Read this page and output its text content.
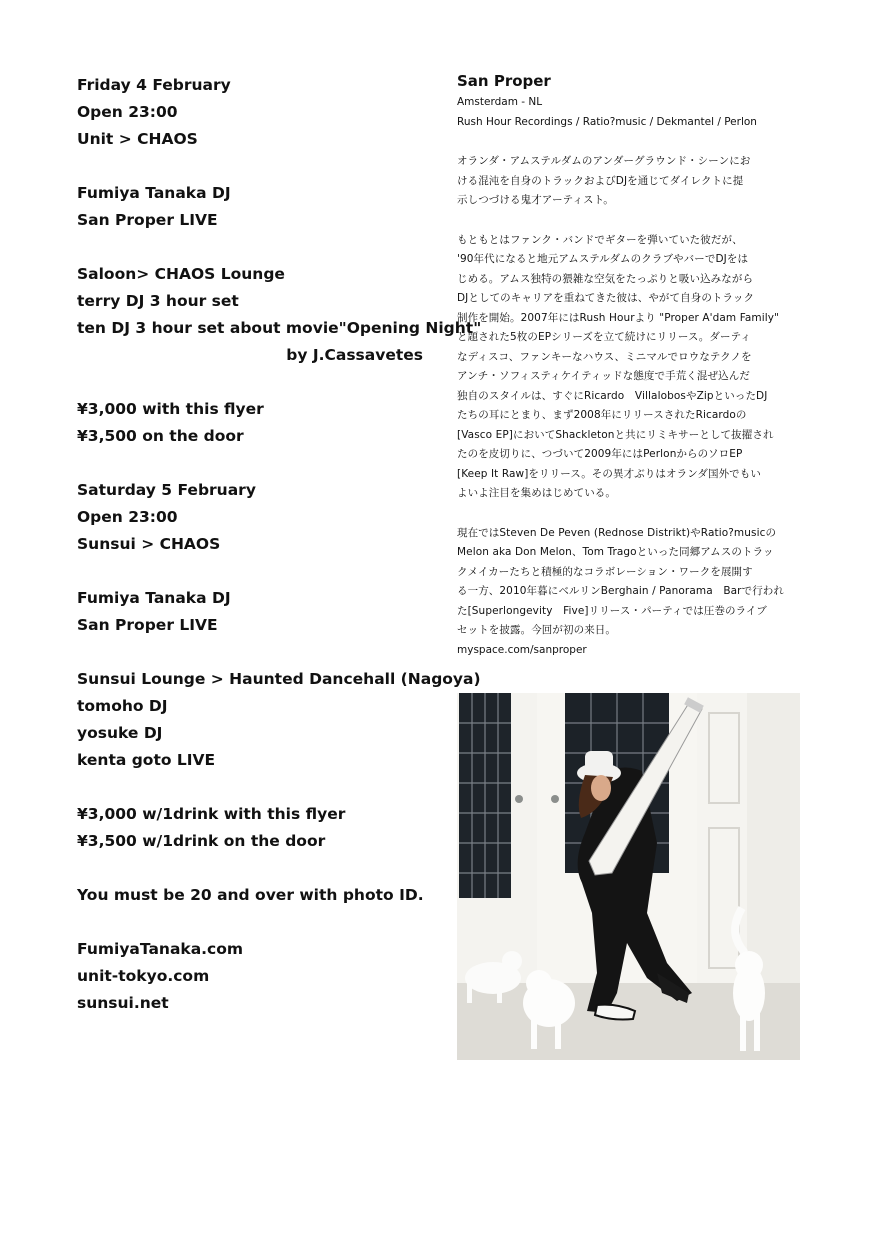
Friday 4 February
Open 23:00
Unit > CHAOS
Fumiya Tanaka DJ
San Proper LIVE
Saloon> CHAOS Lounge
terry DJ 3 hour set
ten DJ 3 hour set about movie"Opening Night"
by J.Cassavetes
¥3,000 with this flyer
¥3,500 on the door
Saturday 5 February
Open 23:00
Sunsui > CHAOS
Fumiya Tanaka DJ
San Proper LIVE
Sunsui Lounge > Haunted Dancehall (Nagoya)
tomoho DJ
yosuke DJ
kenta goto LIVE
¥3,000 w/1drink with this flyer
¥3,500 w/1drink on the door
You must be 20 and over with photo ID.
FumiyaTanaka.com
unit-tokyo.com
sunsui.net
San Proper
Amsterdam - NL
Rush Hour Recordings / Ratio?music / Dekmantel / Perlon
オランダ・アムステルダムのアンダーグラウンド・シーンにお
ける混沌を自身のトラックおよびDJを通じてダイレクトに提
示しつづける鬼才アーティスト。
もともとはファンク・バンドでギターを弾いていた彼だが、
'90年代になると地元アムステルダムのクラブやバーでDJをは
じめる。アムス独特の猥雑な空気をたっぷりと吸い込みながら
DJとしてのキャリアを重ねてきた彼は、やがて自身のトラック
制作を開始。2007年にはRush Hourより "Proper A'dam Family"
と題された5枚のEPシリーズを立て続けにリリース。ダーティ
なディスコ、ファンキーなハウス、ミニマルでロウなテクノを
アンチ・ソフィスティケイティッドな態度で手荒く混ぜ込んだ
独自のスタイルは、すぐにRicardo　VillalobosやZipといったDJ
たちの耳にとまり、まず2008年にリリースされたRicardoの
[Vasco EP]においてShackletonと共にリミキサーとして抜擢され
たのを皮切りに、つづいて2009年にはPerlonからのソロEP
[Keep It Raw]をリリース。その異才ぶりはオランダ国外でもい
よいよ注目を集めはじめている。
現在ではSteven De Peven (Rednose Distrikt)やRatio?musicの
Melon aka Don Melon、Tom Tragoといった同郷アムスのトラッ
クメイカーたちと積極的なコラボレーション・ワークを展開す
る一方、2010年暮にベルリンBerghain / Panorama　Barで行われ
た[Superlongevity　Five]リリース・パーティでは圧巻のライブ
セットを披露。今回が初の来日。
myspace.com/sanproper
